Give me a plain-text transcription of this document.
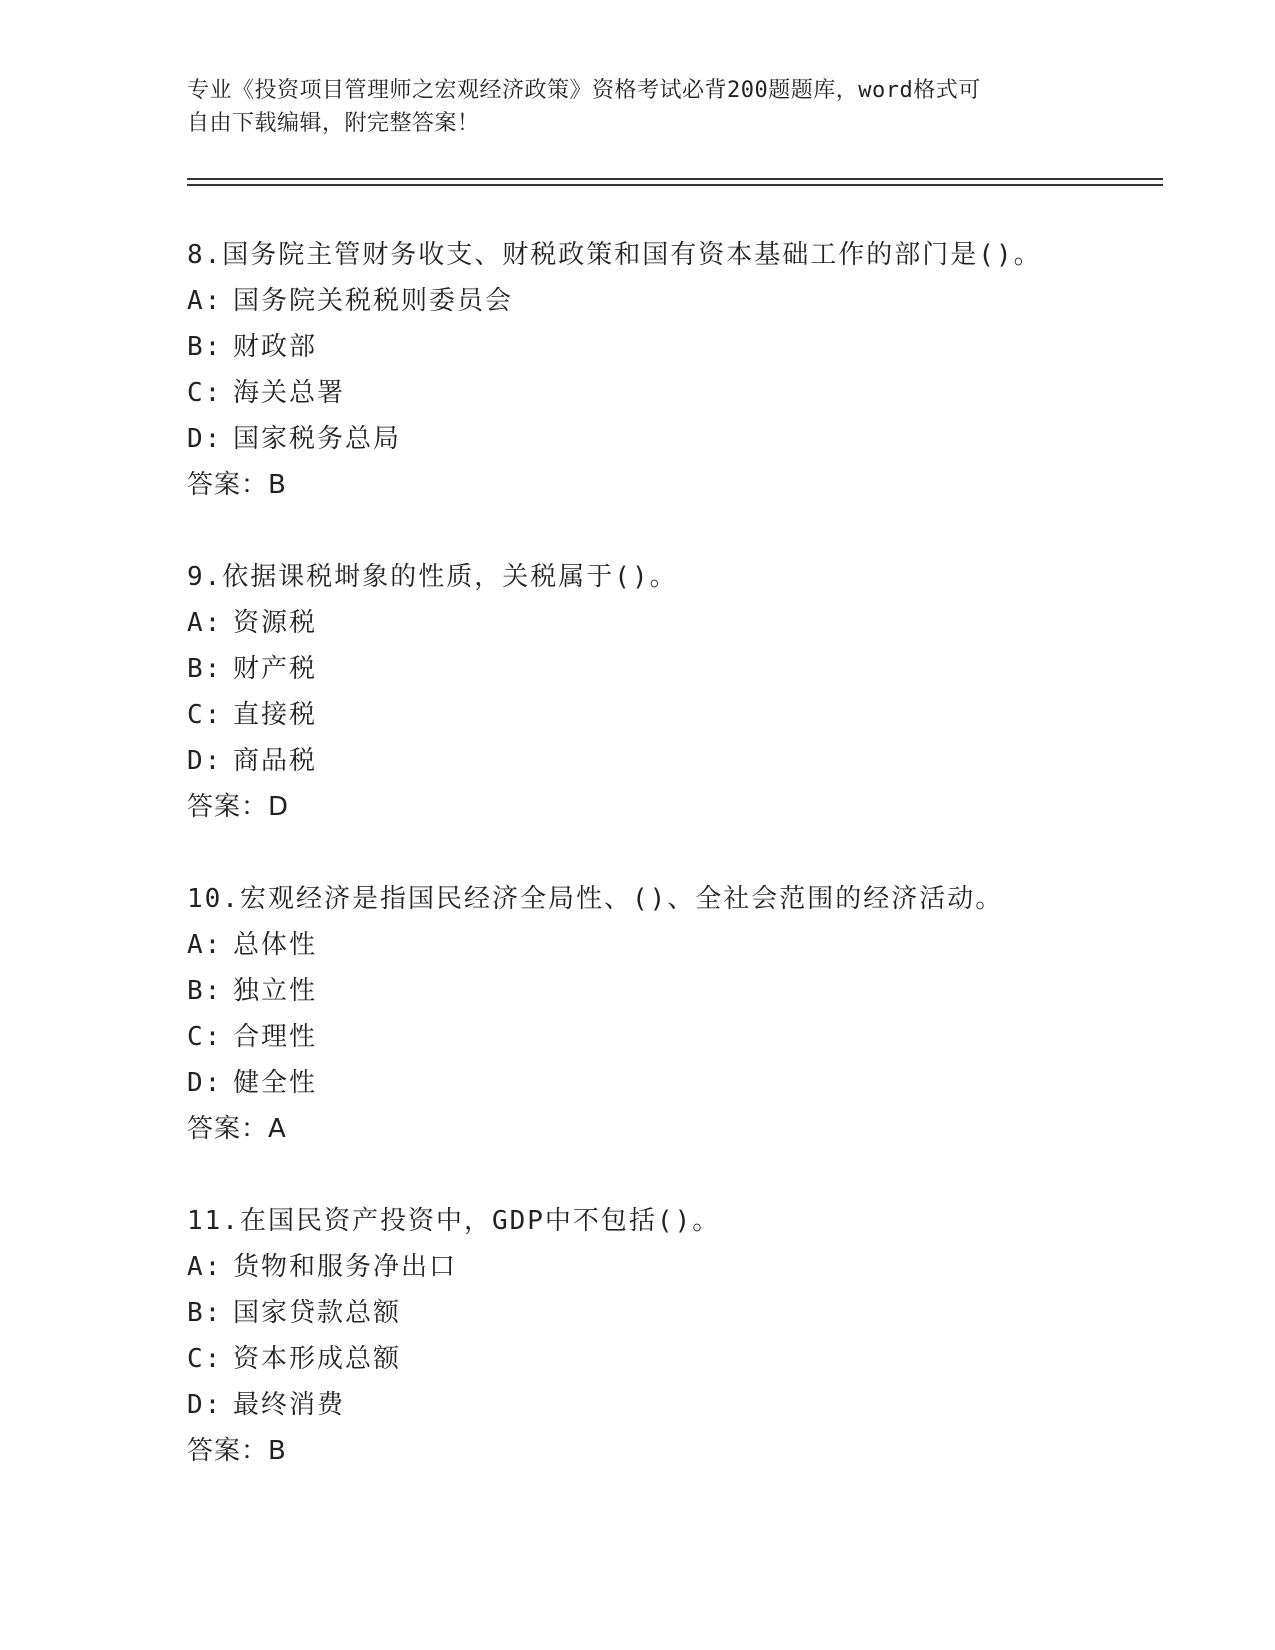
专业《投资项目管理师之宏观经济政策》资格考试必背200题题库，word格式可
自由下载编辑，附完整答案！
8.国务院主管财务收支、财税政策和国有资本基础工作的部门是()。
A: 国务院关税税则委员会
B: 财政部
C: 海关总署
D: 国家税务总局
答案：B
9.依据课税埘象的性质，关税属于()。
A: 资源税
B: 财产税
C: 直接税
D: 商品税
答案：D
10.宏观经济是指国民经济全局性、()、全社会范围的经济活动。
A: 总体性
B: 独立性
C: 合理性
D: 健全性
答案：A
11.在国民资产投资中，GDP中不包括()。
A: 货物和服务净出口
B: 国家贷款总额
C: 资本形成总额
D: 最终消费
答案：B
